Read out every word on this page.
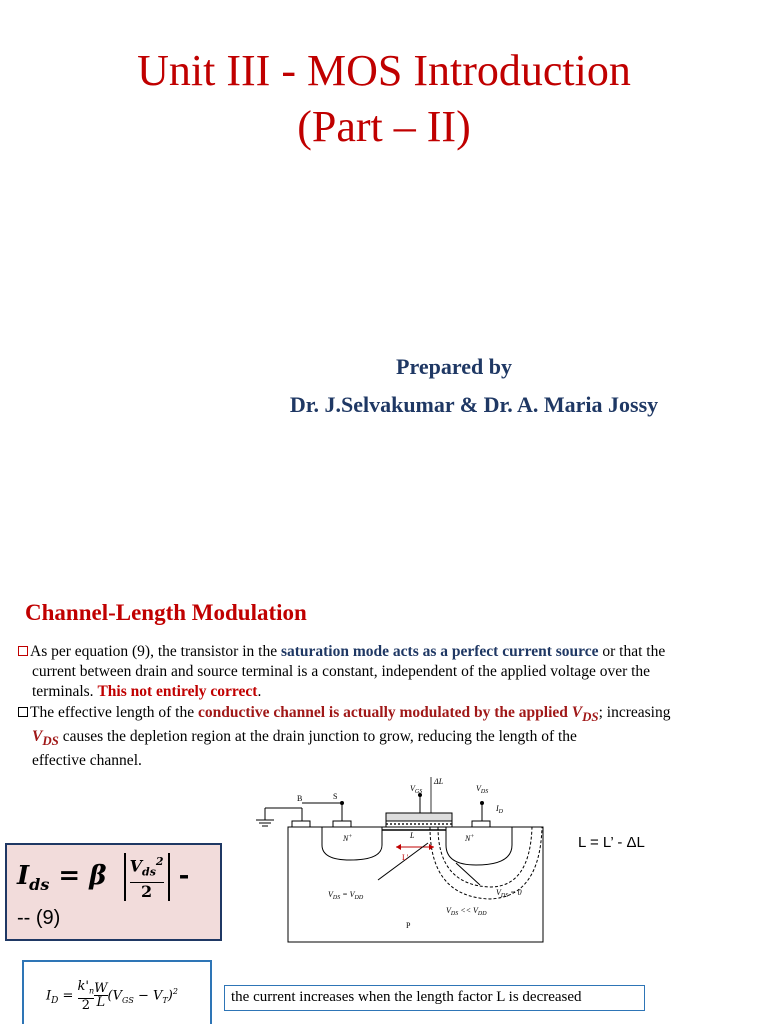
Unit III - MOS Introduction
(Part – II)
Prepared by
Dr. J.Selvakumar & Dr. A. Maria Jossy
Channel-Length Modulation
As per equation (9), the transistor in the saturation mode acts as a perfect current source or that the
current between drain and source terminal is a constant, independent of the applied voltage over the
terminals. This not entirely correct.
The effective length of the conductive channel is actually modulated by the applied $V_{DS}$; increasing
$V_{DS}$ causes the depletion region at the drain junction to grow, reducing the length of the
effective channel.
B	S
$V_{GS}$	$V_{DS}$
ΔL
$I_D$
N+	N+
L
L'
$V_{DS} = V_{DD}$
$V_{DS} = 0$
$V_{DS} << V_{DD}$
P
$I_{ds} = \beta$ $V_{ds}^2$
2
-
-- (9)
L = L’ - ΔL
$I_D = \frac{k'_n}{2} \frac{W}{L} (V_{GS} - V_T)^2$	the current increases when the length factor L is decreased
